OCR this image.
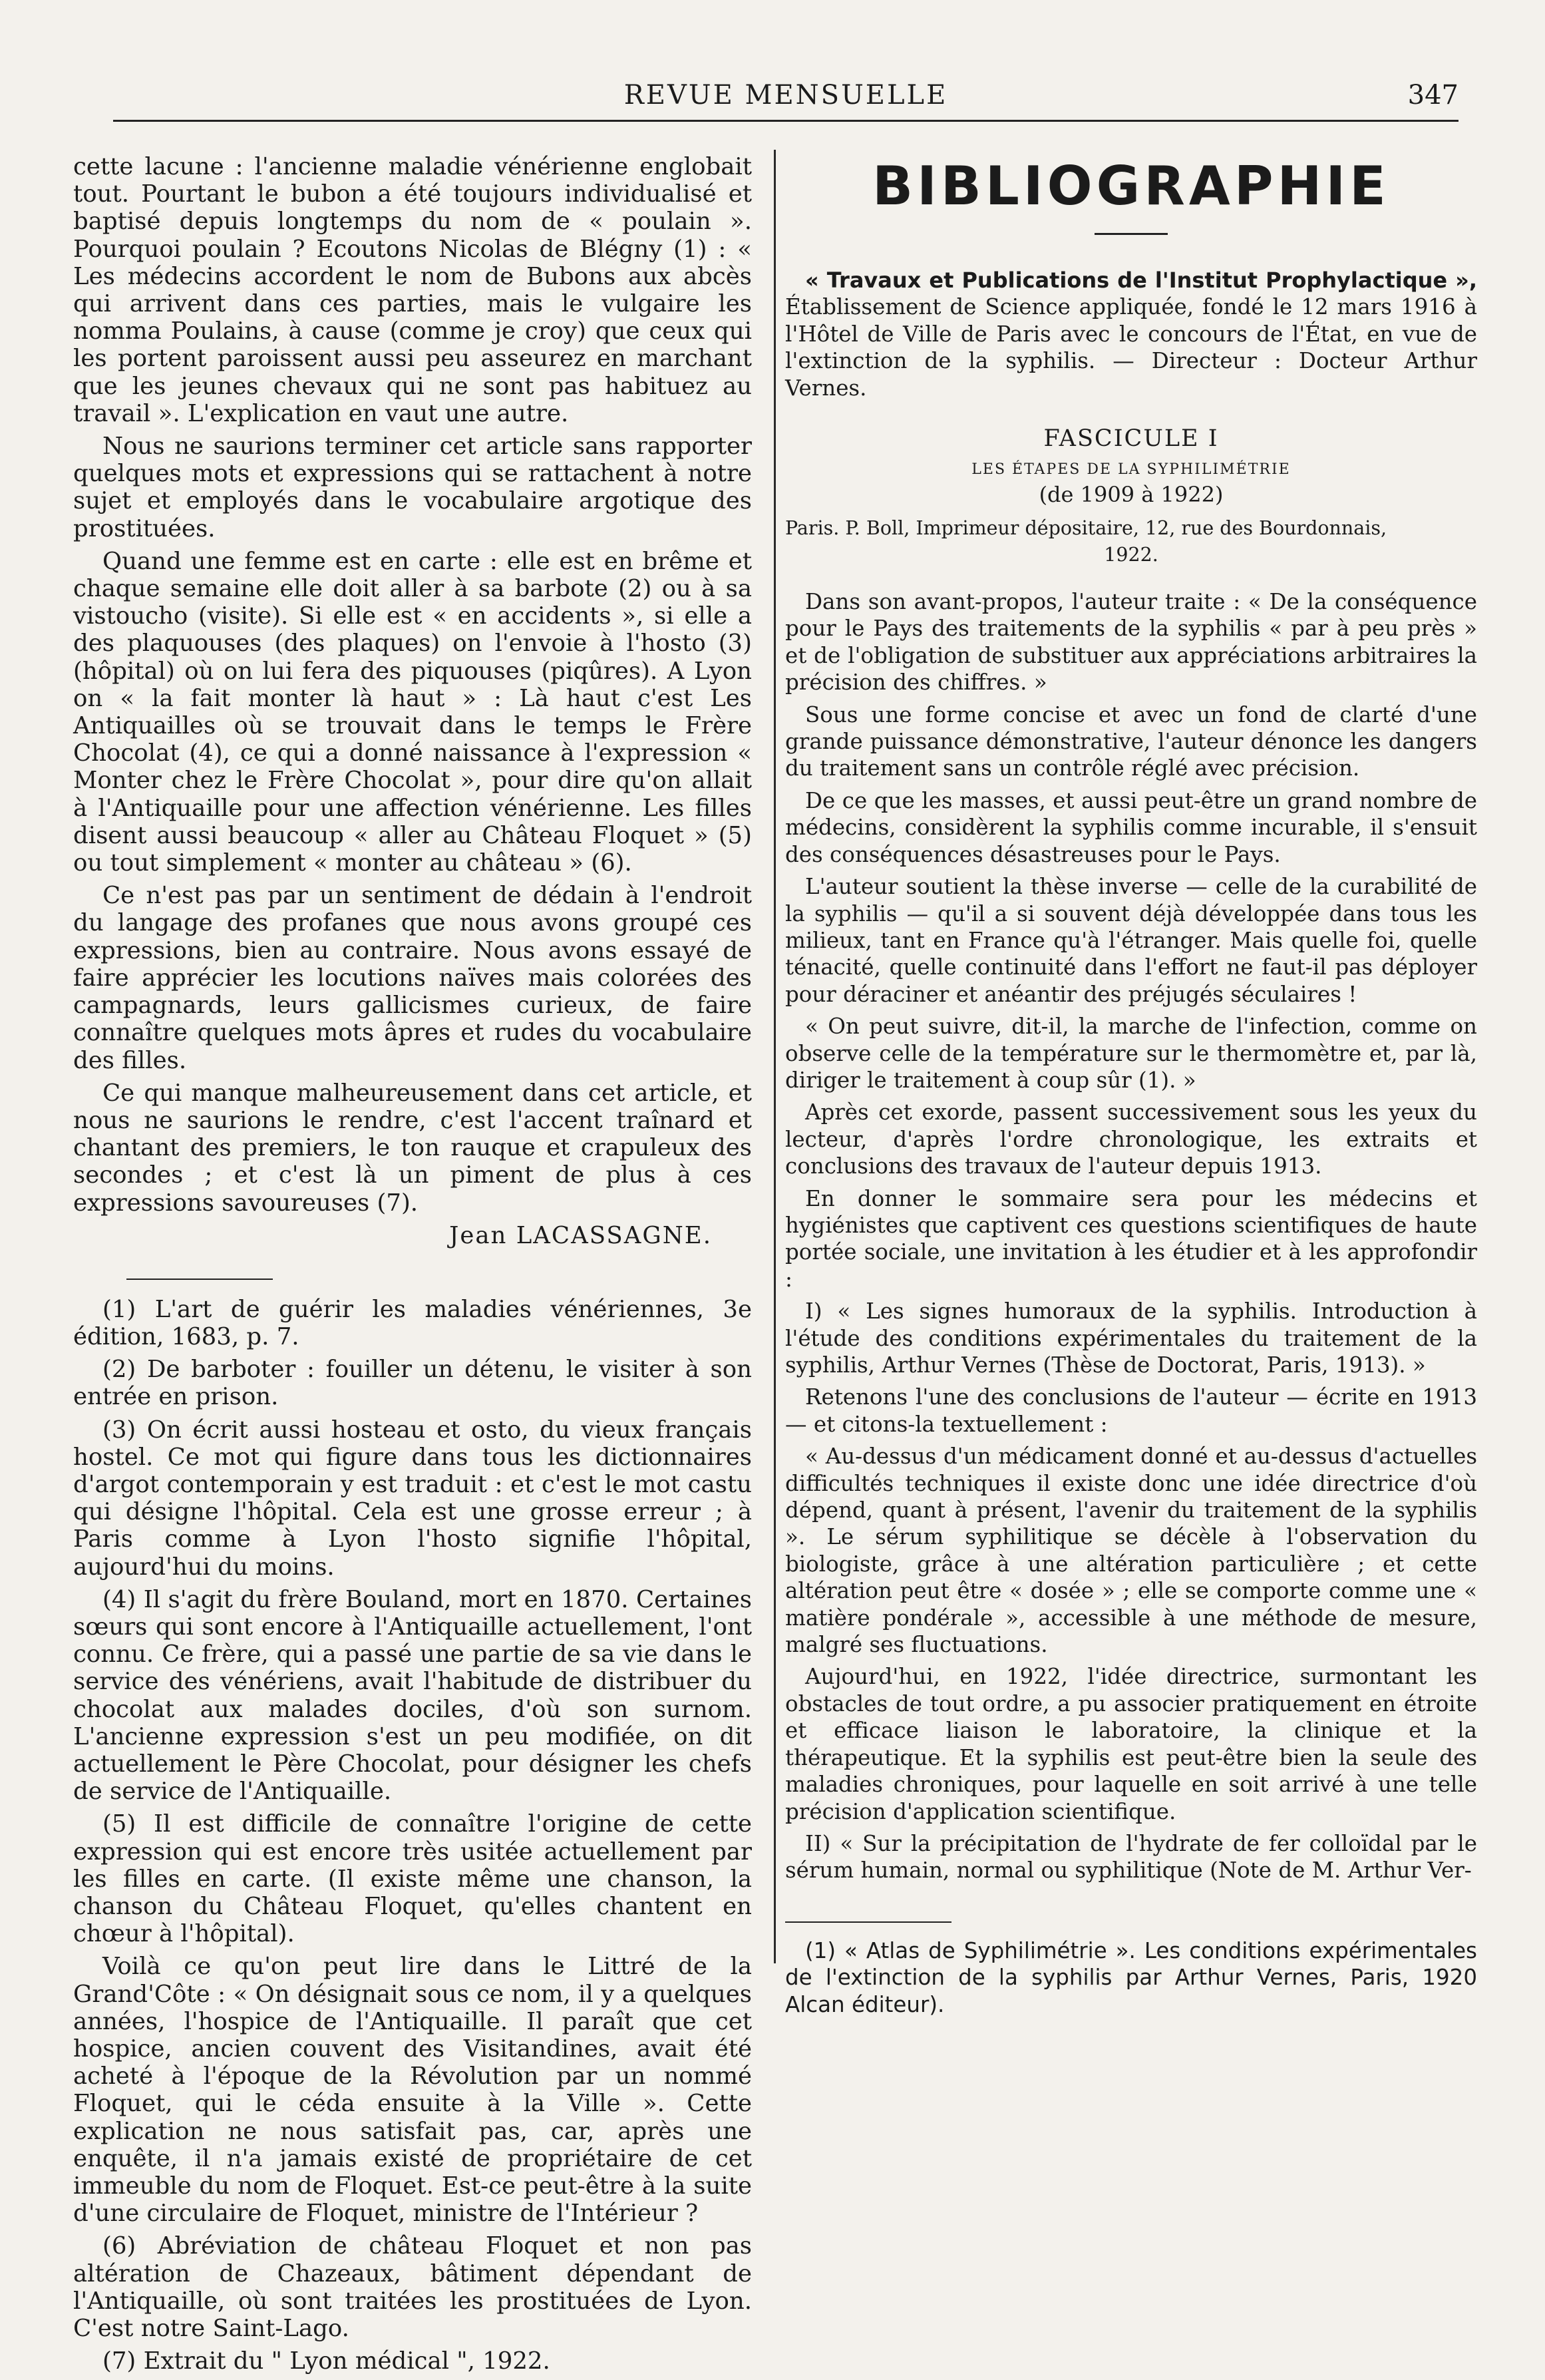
REVUE MENSUELLE	347

cette lacune : l'ancienne maladie vénérienne englobait tout. Pourtant le bubon a été toujours individualisé et baptisé depuis longtemps du nom de « poulain ». Pourquoi poulain ? Ecoutons Nicolas de Blégny (1) : « Les médecins accordent le nom de Bubons aux abcès qui arrivent dans ces parties, mais le vulgaire les nomma Poulains, à cause (comme je croy) que ceux qui les portent paroissent aussi peu asseurez en marchant que les jeunes chevaux qui ne sont pas habituez au travail ». L'explication en vaut une autre.

Nous ne saurions terminer cet article sans rapporter quelques mots et expressions qui se rattachent à notre sujet et employés dans le vocabulaire argotique des prostituées.

Quand une femme est en carte : elle est en brême et chaque semaine elle doit aller à sa barbote (2) ou à sa vistoucho (visite). Si elle est « en accidents », si elle a des plaquouses (des plaques) on l'envoie à l'hosto (3) (hôpital) où on lui fera des piquouses (piqûres). A Lyon on « la fait monter là haut » : Là haut c'est Les Antiquailles où se trouvait dans le temps le Frère Chocolat (4), ce qui a donné naissance à l'expression « Monter chez le Frère Chocolat », pour dire qu'on allait à l'Antiquaille pour une affection vénérienne. Les filles disent aussi beaucoup « aller au Château Floquet » (5) ou tout simplement « monter au château » (6).

Ce n'est pas par un sentiment de dédain à l'endroit du langage des profanes que nous avons groupé ces expressions, bien au contraire. Nous avons essayé de faire apprécier les locutions naïves mais colorées des campagnards, leurs gallicismes curieux, de faire connaître quelques mots âpres et rudes du vocabulaire des filles.

Ce qui manque malheureusement dans cet article, et nous ne saurions le rendre, c'est l'accent traînard et chantant des premiers, le ton rauque et crapuleux des secondes ; et c'est là un piment de plus à ces expressions savoureuses (7).

Jean LACASSAGNE.

(1) L'art de guérir les maladies vénériennes, 3e édition, 1683, p. 7.

(2) De barboter : fouiller un détenu, le visiter à son entrée en prison.

(3) On écrit aussi hosteau et osto, du vieux français hostel. Ce mot qui figure dans tous les dictionnaires d'argot contemporain y est traduit : et c'est le mot castu qui désigne l'hôpital. Cela est une grosse erreur ; à Paris comme à Lyon l'hosto signifie l'hôpital, aujourd'hui du moins.

(4) Il s'agit du frère Bouland, mort en 1870. Certaines sœurs qui sont encore à l'Antiquaille actuellement, l'ont connu. Ce frère, qui a passé une partie de sa vie dans le service des vénériens, avait l'habitude de distribuer du chocolat aux malades dociles, d'où son surnom. L'ancienne expression s'est un peu modifiée, on dit actuellement le Père Chocolat, pour désigner les chefs de service de l'Antiquaille.

(5) Il est difficile de connaître l'origine de cette expression qui est encore très usitée actuellement par les filles en carte. (Il existe même une chanson, la chanson du Château Floquet, qu'elles chantent en chœur à l'hôpital).

Voilà ce qu'on peut lire dans le Littré de la Grand'Côte : « On désignait sous ce nom, il y a quelques années, l'hospice de l'Antiquaille. Il paraît que cet hospice, ancien couvent des Visitandines, avait été acheté à l'époque de la Révolution par un nommé Floquet, qui le céda ensuite à la Ville ». Cette explication ne nous satisfait pas, car, après une enquête, il n'a jamais existé de propriétaire de cet immeuble du nom de Floquet. Est-ce peut-être à la suite d'une circulaire de Floquet, ministre de l'Intérieur ?

(6) Abréviation de château Floquet et non pas altération de Chazeaux, bâtiment dépendant de l'Antiquaille, où sont traitées les prostituées de Lyon. C'est notre Saint-Lago.

(7) Extrait du " Lyon médical ", 1922.

BIBLIOGRAPHIE

« Travaux et Publications de l'Institut Prophylactique », Établissement de Science appliquée, fondé le 12 mars 1916 à l'Hôtel de Ville de Paris avec le concours de l'État, en vue de l'extinction de la syphilis. — Directeur : Docteur Arthur Vernes.

FASCICULE I
LES ÉTAPES DE LA SYPHILIMÉTRIE
(de 1909 à 1922)
Paris. P. Boll, Imprimeur dépositaire, 12, rue des Bourdonnais,
1922.

Dans son avant-propos, l'auteur traite : « De la conséquence pour le Pays des traitements de la syphilis « par à peu près » et de l'obligation de substituer aux appréciations arbitraires la précision des chiffres. »

Sous une forme concise et avec un fond de clarté d'une grande puissance démonstrative, l'auteur dénonce les dangers du traitement sans un contrôle réglé avec précision.

De ce que les masses, et aussi peut-être un grand nombre de médecins, considèrent la syphilis comme incurable, il s'ensuit des conséquences désastreuses pour le Pays.

L'auteur soutient la thèse inverse — celle de la curabilité de la syphilis — qu'il a si souvent déjà développée dans tous les milieux, tant en France qu'à l'étranger. Mais quelle foi, quelle ténacité, quelle continuité dans l'effort ne faut-il pas déployer pour déraciner et anéantir des préjugés séculaires !

« On peut suivre, dit-il, la marche de l'infection, comme on observe celle de la température sur le thermomètre et, par là, diriger le traitement à coup sûr (1). »

Après cet exorde, passent successivement sous les yeux du lecteur, d'après l'ordre chronologique, les extraits et conclusions des travaux de l'auteur depuis 1913.

En donner le sommaire sera pour les médecins et hygiénistes que captivent ces questions scientifiques de haute portée sociale, une invitation à les étudier et à les approfondir :

I) « Les signes humoraux de la syphilis. Introduction à l'étude des conditions expérimentales du traitement de la syphilis, Arthur Vernes (Thèse de Doctorat, Paris, 1913). »

Retenons l'une des conclusions de l'auteur — écrite en 1913 — et citons-la textuellement :

« Au-dessus d'un médicament donné et au-dessus d'actuelles difficultés techniques il existe donc une idée directrice d'où dépend, quant à présent, l'avenir du traitement de la syphilis ». Le sérum syphilitique se décèle à l'observation du biologiste, grâce à une altération particulière ; et cette altération peut être « dosée » ; elle se comporte comme une « matière pondérale », accessible à une méthode de mesure, malgré ses fluctuations.

Aujourd'hui, en 1922, l'idée directrice, surmontant les obstacles de tout ordre, a pu associer pratiquement en étroite et efficace liaison le laboratoire, la clinique et la thérapeutique. Et la syphilis est peut-être bien la seule des maladies chroniques, pour laquelle en soit arrivé à une telle précision d'application scientifique.

II) « Sur la précipitation de l'hydrate de fer colloïdal par le sérum humain, normal ou syphilitique (Note de M. Arthur Ver-

(1) « Atlas de Syphilimétrie ». Les conditions expérimentales de l'extinction de la syphilis par Arthur Vernes, Paris, 1920 Alcan éditeur).
